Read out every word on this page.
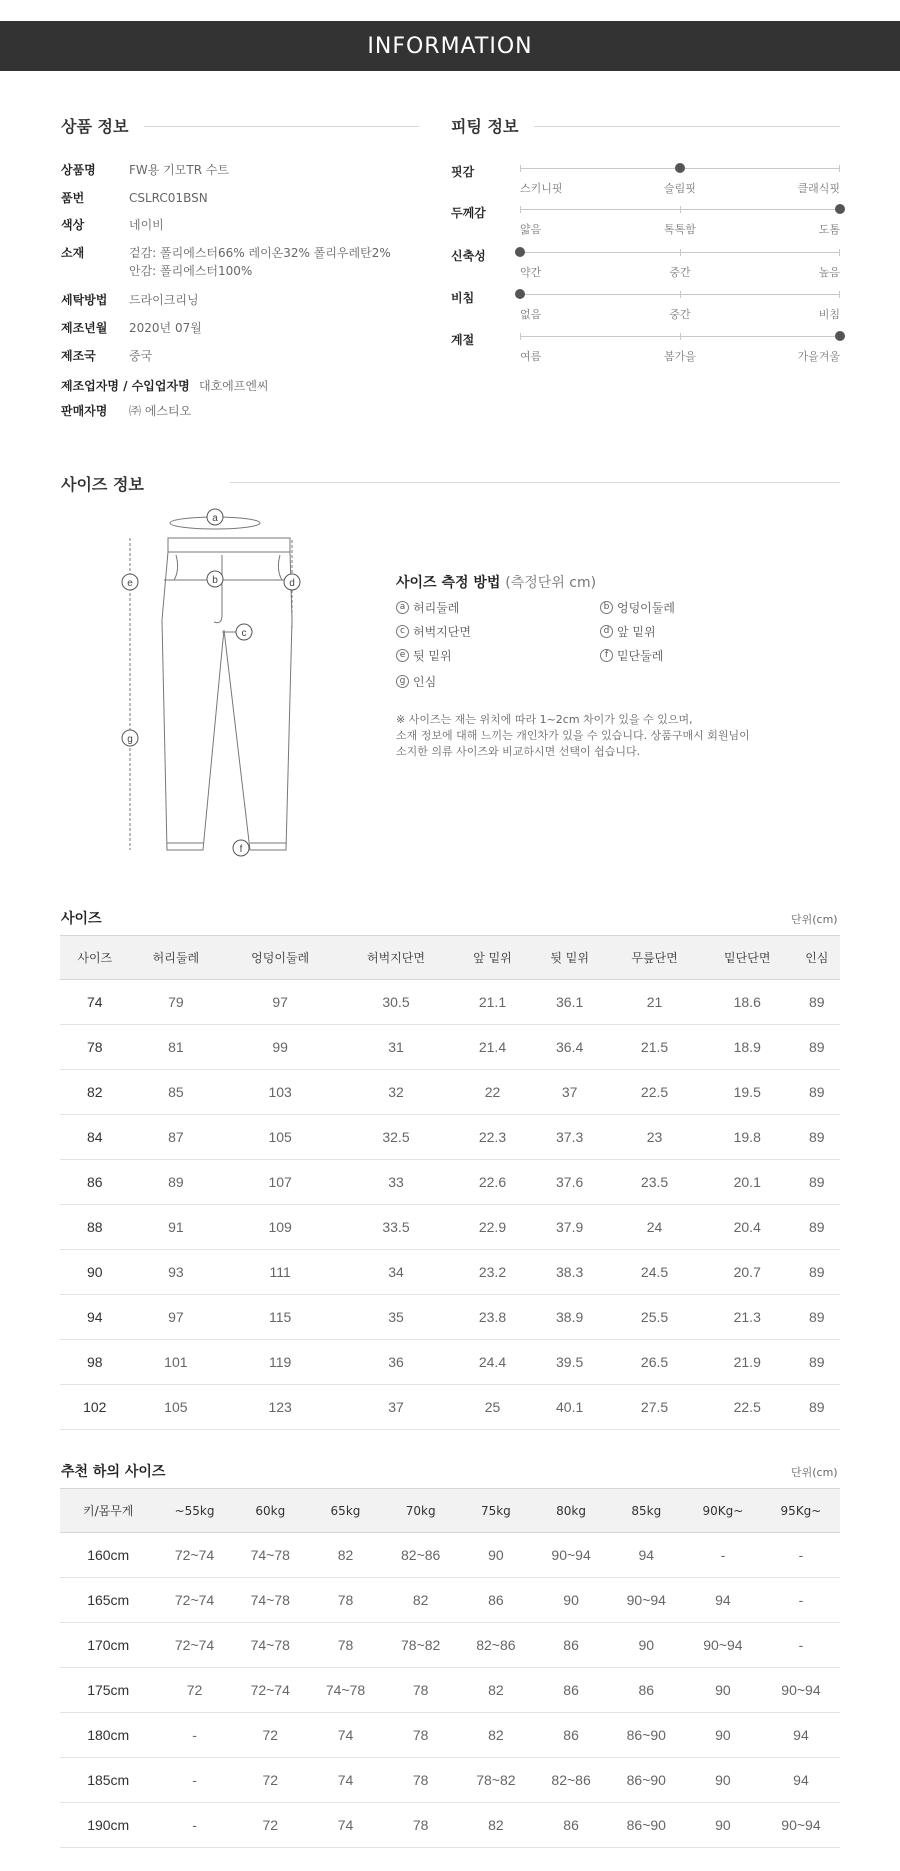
INFORMATION
상품 정보
상품명	FW용 기모TR 수트
품번	CSLRC01BSN
색상	네이비
소재	겉감: 폴리에스터66% 레이온32% 폴리우레탄2%
안감: 폴리에스터100%
세탁방법	드라이크리닝
제조년월	2020년 07월
제조국	중국
제조업자명 / 수입업자명 대호에프엔씨
판매자명	㈜ 에스티오
피팅 정보
핏감
스키니핏	슬림핏	클래식핏
두께감
얇음	톡톡함	도톰
신축성
약간	중간	높음
비침
없음	중간	비침
계절
여름	봄가을	가을겨울
사이즈 정보
a
b
c
d
e
f
g
사이즈 측정 방법 (측정단위 cm)
a 허리둘레	b 엉덩이둘레
c 허벅지단면	d 앞 밑위
e 뒷 밑위	f 밑단둘레
g 인심
※ 사이즈는 재는 위치에 따라 1~2cm 차이가 있을 수 있으며,
소재 정보에 대해 느끼는 개인차가 있을 수 있습니다. 상품구매시 회원님이
소지한 의류 사이즈와 비교하시면 선택이 쉽습니다.
사이즈	단위(cm)
사이즈	허리둘레	엉덩이둘레	허벅지단면	앞 밑위	뒷 밑위	무릎단면	밑단단면	인심
74	79	97	30.5	21.1	36.1	21	18.6	89
78	81	99	31	21.4	36.4	21.5	18.9	89
82	85	103	32	22	37	22.5	19.5	89
84	87	105	32.5	22.3	37.3	23	19.8	89
86	89	107	33	22.6	37.6	23.5	20.1	89
88	91	109	33.5	22.9	37.9	24	20.4	89
90	93	111	34	23.2	38.3	24.5	20.7	89
94	97	115	35	23.8	38.9	25.5	21.3	89
98	101	119	36	24.4	39.5	26.5	21.9	89
102	105	123	37	25	40.1	27.5	22.5	89
추천 하의 사이즈	단위(cm)
키/몸무게	~55kg	60kg	65kg	70kg	75kg	80kg	85kg	90Kg~	95Kg~
160cm	72~74	74~78	82	82~86	90	90~94	94	-	-
165cm	72~74	74~78	78	82	86	90	90~94	94	-
170cm	72~74	74~78	78	78~82	82~86	86	90	90~94	-
175cm	72	72~74	74~78	78	82	86	86	90	90~94
180cm	-	72	74	78	82	86	86~90	90	94
185cm	-	72	74	78	78~82	82~86	86~90	90	94
190cm	-	72	74	78	82	86	86~90	90	90~94
